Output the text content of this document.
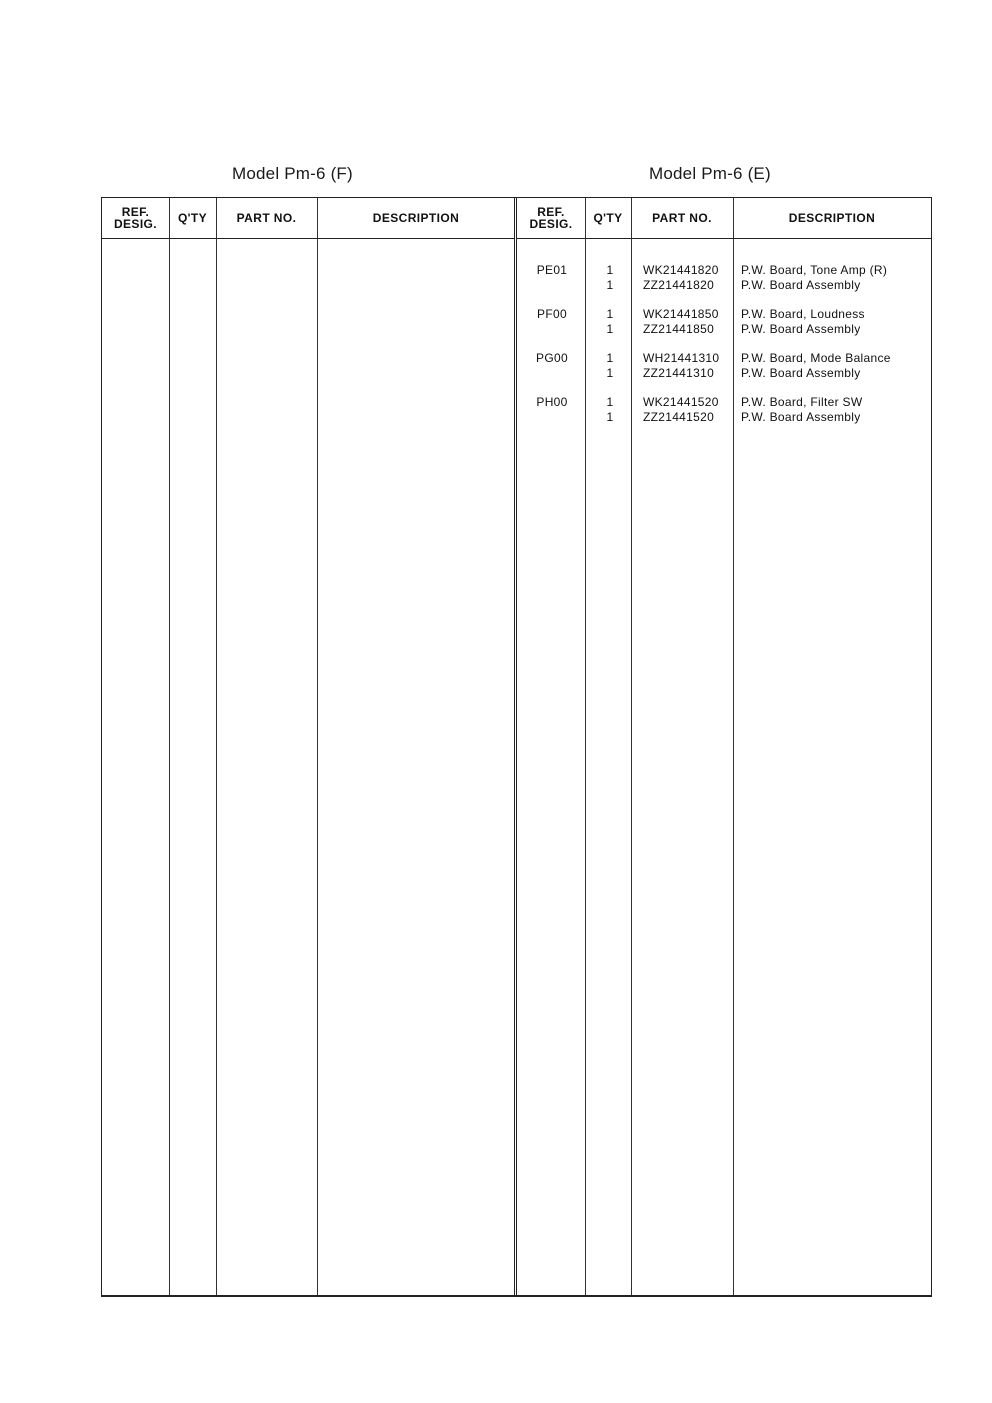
Model Pm-6 (F)	Model Pm-6 (E)
REF.
DESIG.	Q'TY	PART NO.	DESCRIPTION	REF.
DESIG.	Q'TY	PART NO.	DESCRIPTION
PE01	1	WK21441820	P.W. Board, Tone Amp (R)
1	ZZ21441820	P.W. Board Assembly
PF00	1	WK21441850	P.W. Board, Loudness
1	ZZ21441850	P.W. Board Assembly
PG00	1	WH21441310	P.W. Board, Mode Balance
1	ZZ21441310	P.W. Board Assembly
PH00	1	WK21441520	P.W. Board, Filter SW
1	ZZ21441520	P.W. Board Assembly
